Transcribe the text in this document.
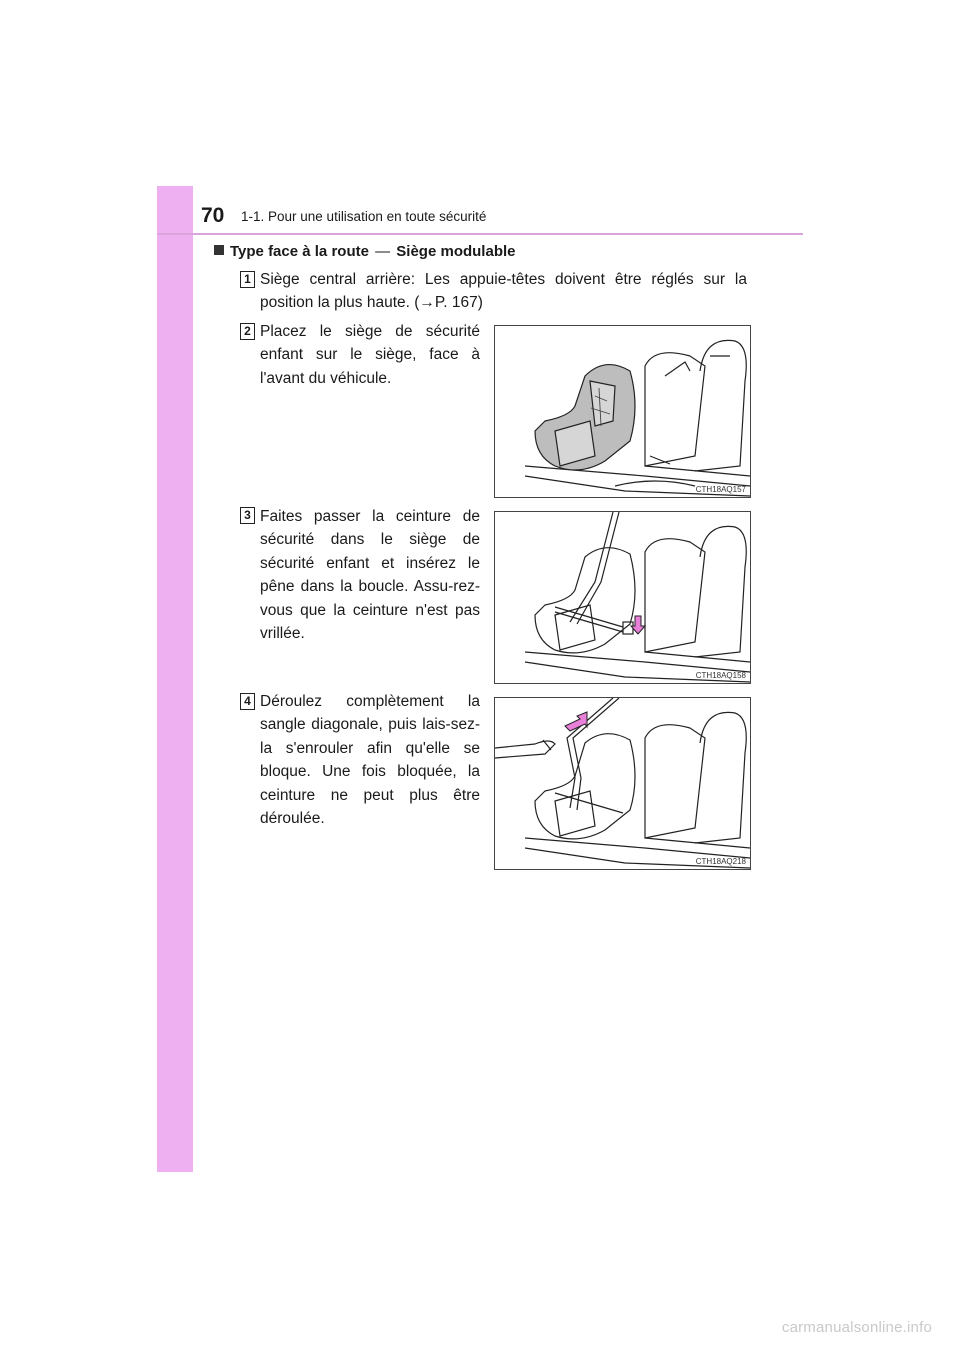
70 1-1. Pour une utilisation en toute sécurité
Type face à la route — Siège modulable
1 Siège central arrière: Les appuie-têtes doivent être réglés sur la position la plus haute. (→P. 167)
2 Placez le siège de sécurité enfant sur le siège, face à l'avant du véhicule.
3 Faites passer la ceinture de sécurité dans le siège de sécurité enfant et insérez le pêne dans la boucle. Assu-rez-vous que la ceinture n'est pas vrillée.
4 Déroulez complètement la sangle diagonale, puis lais-sez-la s'enrouler afin qu'elle se bloque. Une fois bloquée, la ceinture ne peut plus être déroulée.
CTH18AQ157
CTH18AQ158
CTH18AQ218
carmanualsonline.info
